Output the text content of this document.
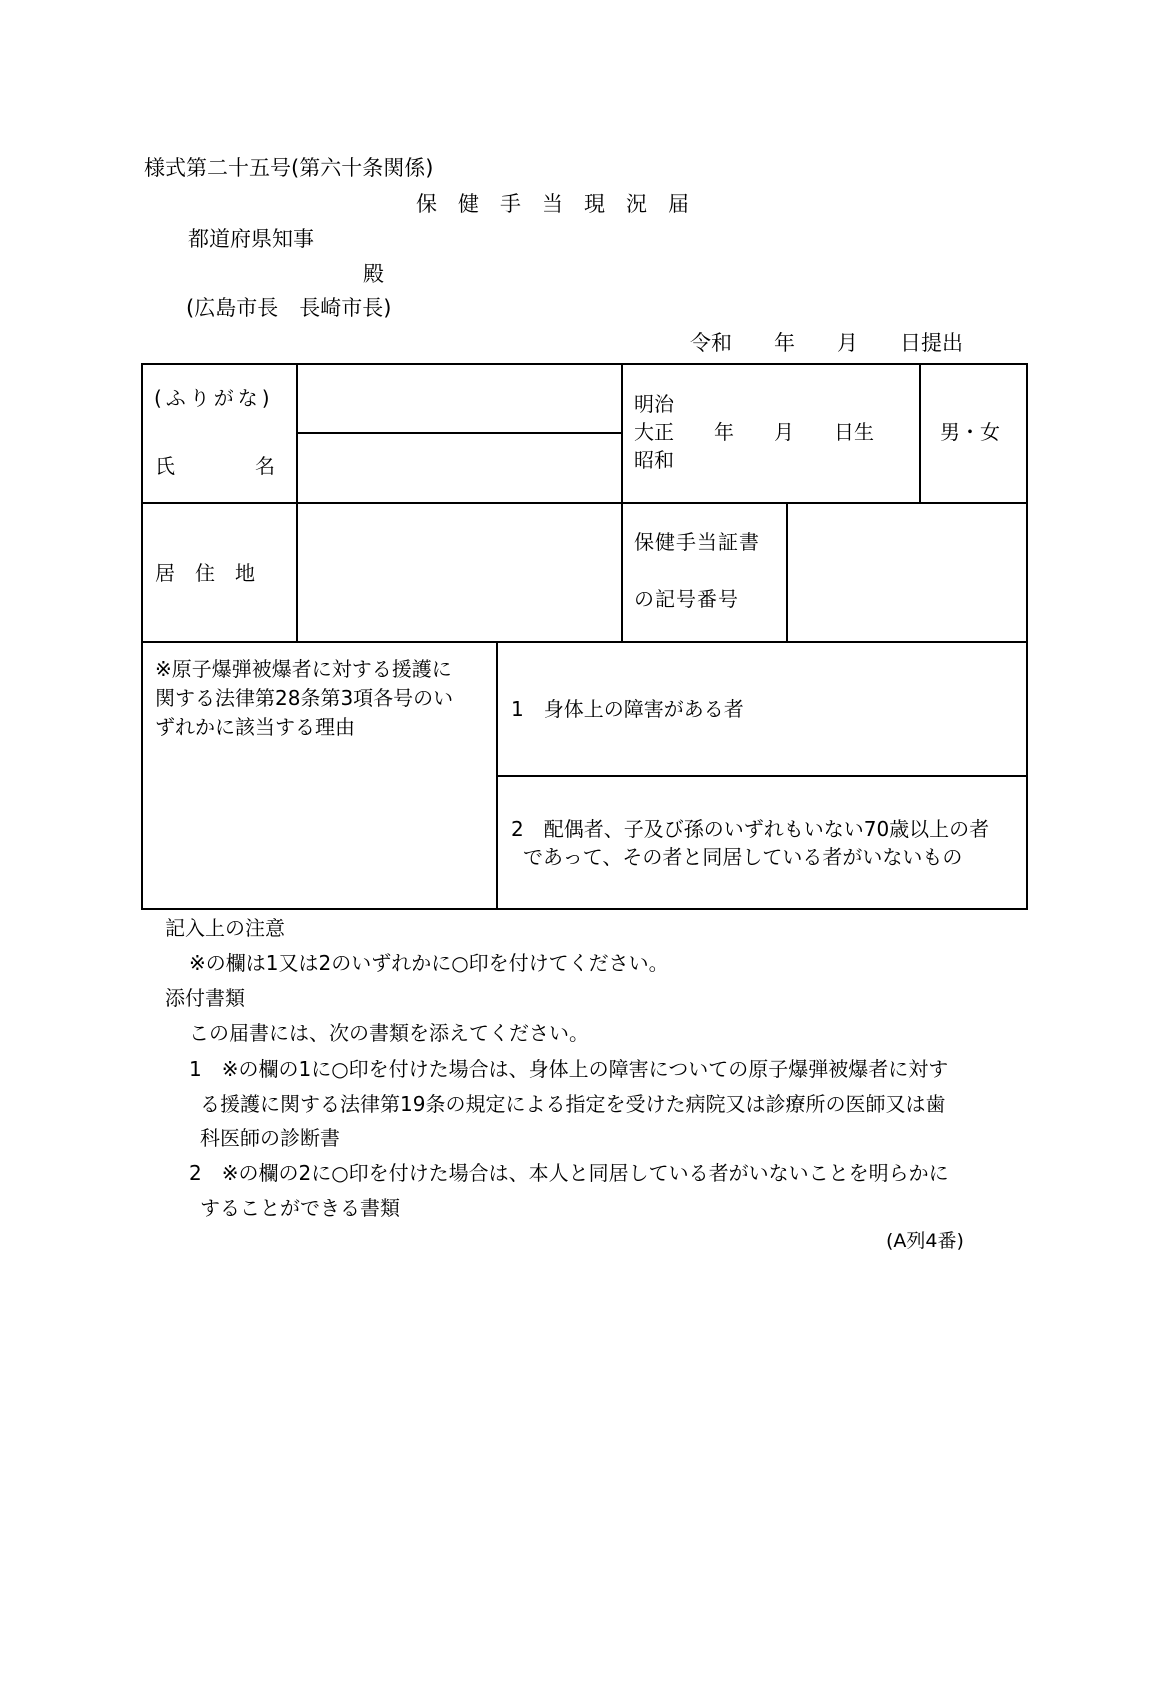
様式第二十五号(第六十条関係)
保　健　手　当　現　況　届
都道府県知事
殿
(広島市長　長崎市長)
令和　　年　　月　　日提出
(ふりがな)
氏　　　　名
明治
大正　　年　　月　　日生
昭和
男・女
居　住　地
保健手当証書
の記号番号
※原子爆弾被爆者に対する援護に
関する法律第28条第3項各号のい
ずれかに該当する理由
1　身体上の障害がある者
2　配偶者、子及び孫のいずれもいない70歳以上の者
であって、その者と同居している者がいないもの
記入上の注意
※の欄は1又は2のいずれかに○印を付けてください。
添付書類
この届書には、次の書類を添えてください。
1　※の欄の1に○印を付けた場合は、身体上の障害についての原子爆弾被爆者に対す
る援護に関する法律第19条の規定による指定を受けた病院又は診療所の医師又は歯
科医師の診断書
2　※の欄の2に○印を付けた場合は、本人と同居している者がいないことを明らかに
することができる書類
(A列4番)
